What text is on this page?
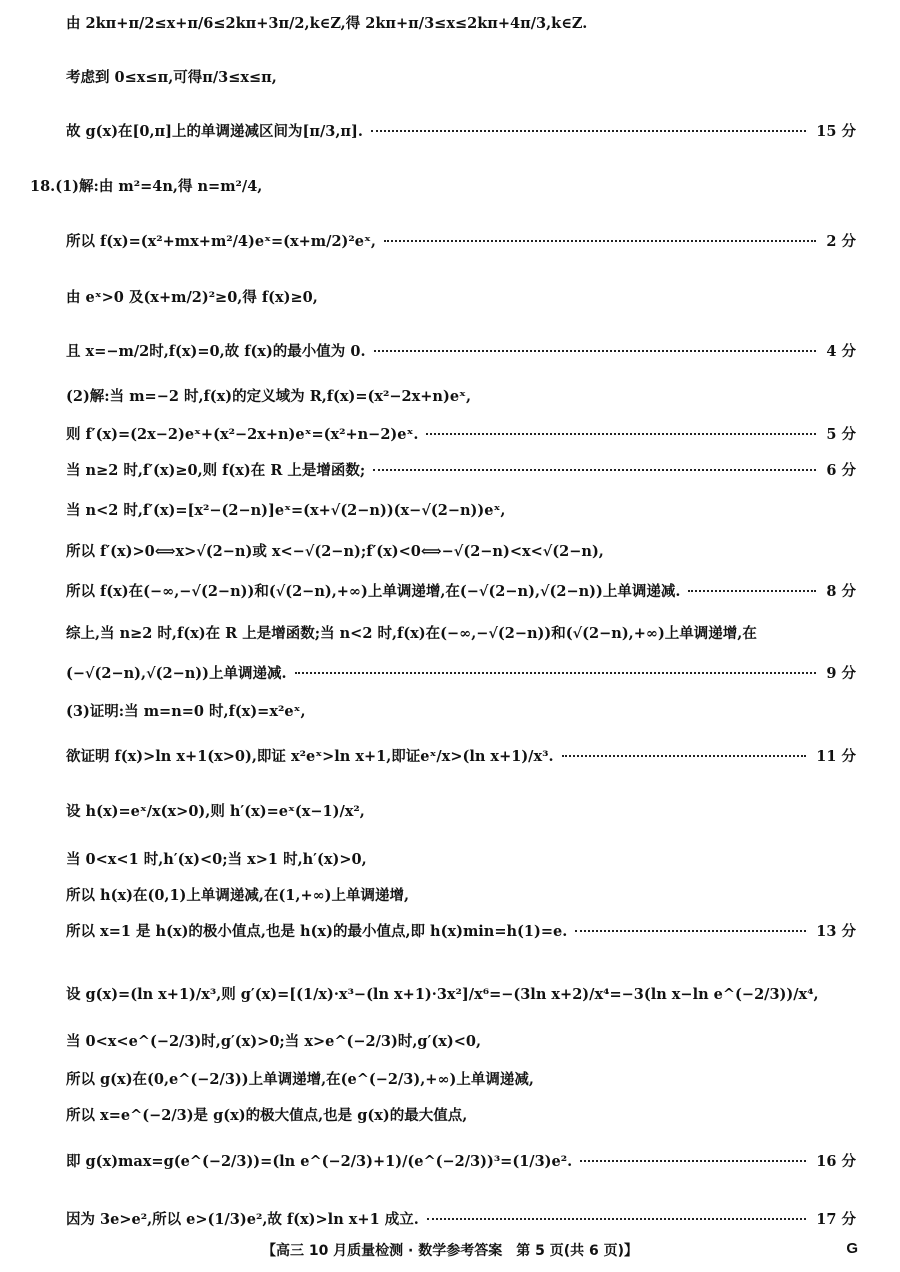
由 2kπ+π/2≤x+π/6≤2kπ+3π/2,k∈Z,得 2kπ+π/3≤x≤2kπ+4π/3,k∈Z.
考虑到 0≤x≤π,可得π/3≤x≤π,
故 g(x)在[0,π]上的单调递减区间为[π/3,π].	15 分
18.(1)解:由 m²=4n,得 n=m²/4,
所以 f(x)=(x²+mx+m²/4)eˣ=(x+m/2)²eˣ,	2 分
由 eˣ>0 及(x+m/2)²≥0,得 f(x)≥0,
且 x=−m/2时,f(x)=0,故 f(x)的最小值为 0.	4 分
(2)解:当 m=−2 时,f(x)的定义域为 R,f(x)=(x²−2x+n)eˣ,
则 f′(x)=(2x−2)eˣ+(x²−2x+n)eˣ=(x²+n−2)eˣ.	5 分
当 n≥2 时,f′(x)≥0,则 f(x)在 R 上是增函数;	6 分
当 n<2 时,f′(x)=[x²−(2−n)]eˣ=(x+√(2−n))(x−√(2−n))eˣ,
所以 f′(x)>0⟺x>√(2−n)或 x<−√(2−n);f′(x)<0⟺−√(2−n)<x<√(2−n),
所以 f(x)在(−∞,−√(2−n))和(√(2−n),+∞)上单调递增,在(−√(2−n),√(2−n))上单调递减.	8 分
综上,当 n≥2 时,f(x)在 R 上是增函数;当 n<2 时,f(x)在(−∞,−√(2−n))和(√(2−n),+∞)上单调递增,在
(−√(2−n),√(2−n))上单调递减.	9 分
(3)证明:当 m=n=0 时,f(x)=x²eˣ,
欲证明 f(x)>ln x+1(x>0),即证 x²eˣ>ln x+1,即证eˣ/x>(ln x+1)/x³.	11 分
设 h(x)=eˣ/x(x>0),则 h′(x)=eˣ(x−1)/x²,
当 0<x<1 时,h′(x)<0;当 x>1 时,h′(x)>0,
所以 h(x)在(0,1)上单调递减,在(1,+∞)上单调递增,
所以 x=1 是 h(x)的极小值点,也是 h(x)的最小值点,即 h(x)min=h(1)=e.	13 分
设 g(x)=(ln x+1)/x³,则 g′(x)=[(1/x)·x³−(ln x+1)·3x²]/x⁶=−(3ln x+2)/x⁴=−3(ln x−ln e^(−2/3))/x⁴,
当 0<x<e^(−2/3)时,g′(x)>0;当 x>e^(−2/3)时,g′(x)<0,
所以 g(x)在(0,e^(−2/3))上单调递增,在(e^(−2/3),+∞)上单调递减,
所以 x=e^(−2/3)是 g(x)的极大值点,也是 g(x)的最大值点,
即 g(x)max=g(e^(−2/3))=(ln e^(−2/3)+1)/(e^(−2/3))³=(1/3)e².	16 分
因为 3e>e²,所以 e>(1/3)e²,故 f(x)>ln x+1 成立.	17 分
【高三 10 月质量检测 · 数学参考答案　第 5 页(共 6 页)】	G
